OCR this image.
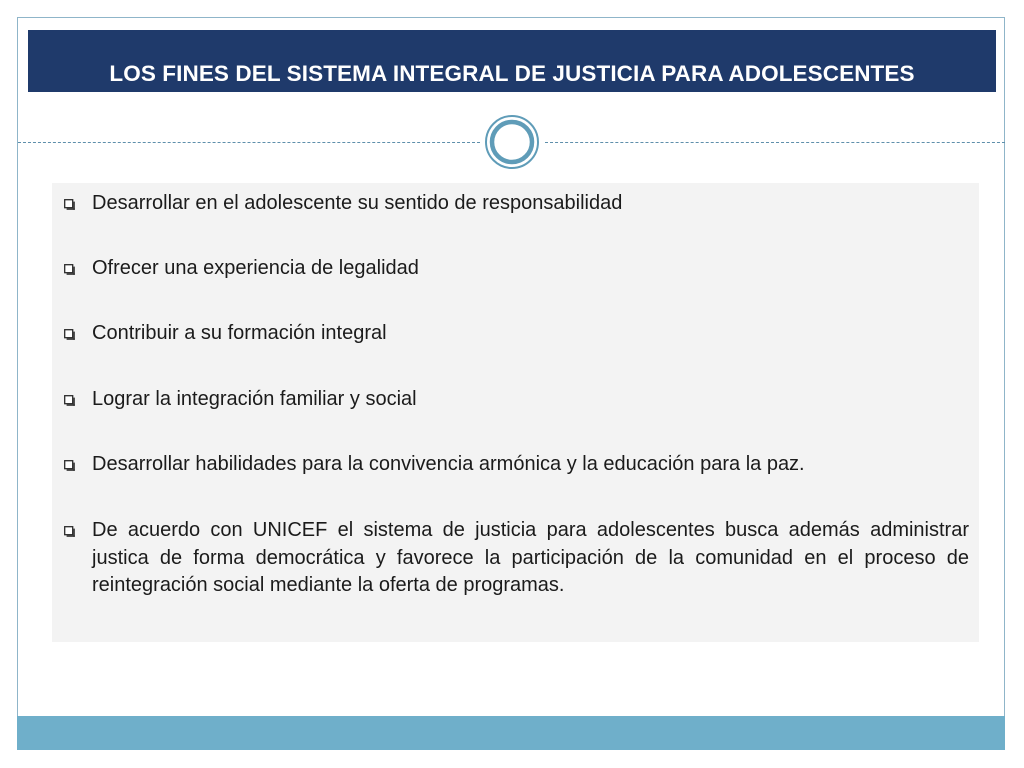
LOS FINES DEL SISTEMA INTEGRAL DE JUSTICIA PARA ADOLESCENTES
Desarrollar en el adolescente su sentido de responsabilidad
Ofrecer una experiencia de legalidad
Contribuir a su formación integral
Lograr la integración familiar y social
Desarrollar habilidades para la convivencia armónica y la educación para la paz.
De acuerdo con UNICEF el sistema de justicia para adolescentes busca además administrar justica de forma democrática y favorece la participación de la comunidad en el proceso de reintegración social mediante la oferta de programas.
